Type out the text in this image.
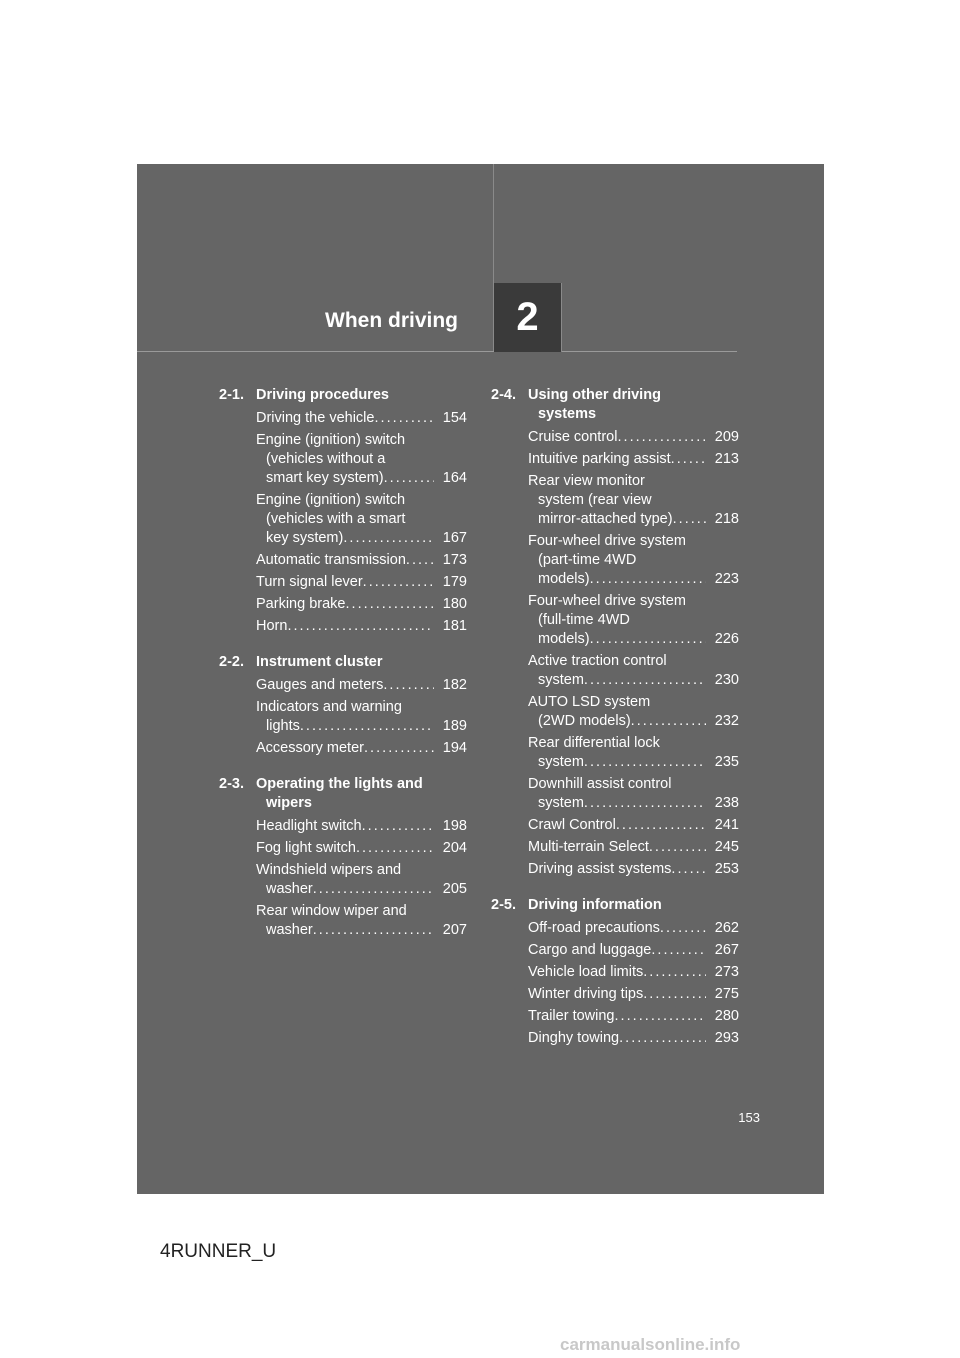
When driving 2
2-1. Driving procedures
Driving the vehicle . . .	154
Engine (ignition) switch
(vehicles without a
smart key system) . . .	164
Engine (ignition) switch
(vehicles with a smart
key system) . . .	167
Automatic transmission . . .	173
Turn signal lever . . .	179
Parking brake . . .	180
Horn . . .	181
2-2. Instrument cluster
Gauges and meters . . .	182
Indicators and warning
lights . . .	189
Accessory meter . . .	194
2-3. Operating the lights and
wipers
Headlight switch . . .	198
Fog light switch . . .	204
Windshield wipers and
washer . . .	205
Rear window wiper and
washer . . .	207
2-4. Using other driving
systems
Cruise control . . .	209
Intuitive parking assist . . .	213
Rear view monitor
system (rear view
mirror-attached type) . . .	218
Four-wheel drive system
(part-time 4WD
models) . . .	223
Four-wheel drive system
(full-time 4WD
models) . . .	226
Active traction control
system . . .	230
AUTO LSD system
(2WD models) . . .	232
Rear differential lock
system . . .	235
Downhill assist control
system . . .	238
Crawl Control . . .	241
Multi-terrain Select . . .	245
Driving assist systems . . .	253
2-5. Driving information
Off-road precautions . . .	262
Cargo and luggage . . .	267
Vehicle load limits . . .	273
Winter driving tips . . .	275
Trailer towing . . .	280
Dinghy towing . . .	293
153
4RUNNER_U
carmanualsonline.info
